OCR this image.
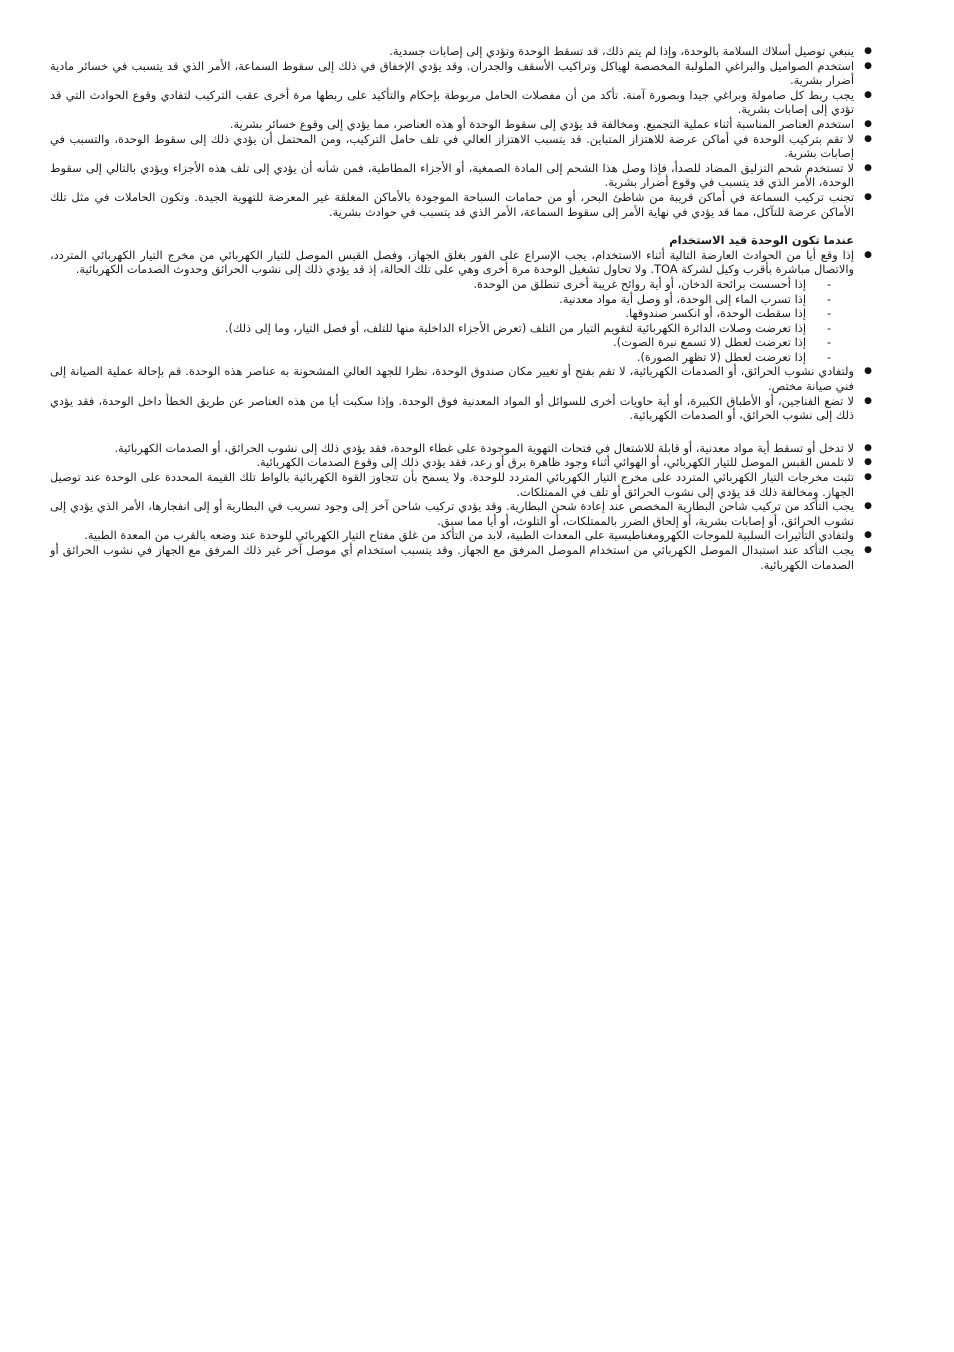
●
ينبغي توصيل أسلاك السلامة بالوحدة، وإذا لم يتم ذلك، قد تسقط الوحدة وتؤدي إلى إصابات جسدية.
●
استخدم الصواميل والبراغي الملولبة المخصصة لهياكل وتراكيب الأسقف والجدران. وقد يؤدي الإخفاق في ذلك إلى سقوط السماعة، الأمر الذي قد يتسبب في خسائر مادية أضرار بشرية.
●
يجب ربط كل صامولة وبراغي جيدا وبصورة آمنة. تأكد من أن مفصلات الحامل مربوطة بإحكام والتأكيد على ربطها مرة أخرى عقب التركيب لتفادي وقوع الحوادث التي قد تؤدي إلى إصابات بشرية.
●
استخدم العناصر المناسبة أثناء عملية التجميع. ومخالفة قد يؤدي إلى سقوط الوحدة أو هذه العناصر، مما يؤدي إلى وقوع خسائر بشرية.
●
لا تقم بتركيب الوحدة في أماكن عرضة للاهتزاز المتباين. قد يتسبب الاهتزاز العالي في تلف حامل التركيب، ومن المحتمل أن يؤدي ذلك إلى سقوط الوحدة، والتسبب في إصابات بشرية.
●
لا تستخدم شحم التزليق المضاد للصدأ، فإذا وصل هذا الشحم إلى المادة الصمغية، أو الأجزاء المطاطية، فمن شأنه أن يؤدي إلى تلف هذه الأجزاء ويؤدي بالتالي إلى سقوط الوحدة، الأمر الذي قد يتسبب في وقوع أضرار بشرية.
●
تجنب تركيب السماعة في أماكن قريبة من شاطئ البحر، أو من حمامات السباحة الموجودة بالأماكن المغلقة غير المعرضة للتهوية الجيدة. وتكون الحاملات في مثل تلك الأماكن عرضة للتآكل، مما قد يؤدي في نهاية الأمر إلى سقوط السماعة، الأمر الذي قد يتسبب في حوادث بشرية.

عندما تكون الوحدة قيد الاستخدام

●
إذا وقع أيا من الحوادث العارضة التالية أثناء الاستخدام، يجب الإسراع على الفور بغلق الجهاز، وفصل القبس الموصل للتيار الكهربائي من مخرج التيار الكهربائي المتردد، والاتصال مباشرة بأقرب وكيل لشركة TOA. ولا تحاول تشغيل الوحدة مرة أخرى وهي على تلك الحالة، إذ قد يؤدي ذلك إلى نشوب الحرائق وحدوث الصدمات الكهربائية.
-
إذا أحسست برائحة الدخان، أو أية روائح غريبة أخرى تنطلق من الوحدة.
-
إذا تسرب الماء إلى الوحدة، أو وصل أية مواد معدنية.
-
إذا سقطت الوحدة، أو انكسر صندوقها.
-
إذا تعرضت وصلات الدائرة الكهربائية لتقويم التيار من التلف (تعرض الأجزاء الداخلية منها للتلف، أو فصل التيار، وما إلى ذلك).
-
إذا تعرضت لعطل (لا تسمع نبرة الصوت).
-
إذا تعرضت لعطل (لا تظهر الصورة).
●
ولتفادي نشوب الحرائق، أو الصدمات الكهربائية، لا تقم بفتح أو تغيير مكان صندوق الوحدة، نظرا للجهد العالي المشحونة به عناصر هذه الوحدة. قم بإحالة عملية الصيانة إلى فني صيانة مختص.
●
لا تضع الفناجين، أو الأطباق الكبيرة، أو أية حاويات أخرى للسوائل أو المواد المعدنية فوق الوحدة. وإذا سكبت أيا من هذه العناصر عن طريق الخطأ داخل الوحدة، فقد يؤدي ذلك إلى نشوب الحرائق، أو الصدمات الكهربائية.
●
لا تدخل أو تسقط أية مواد معدنية، أو قابلة للاشتعال في فتحات التهوية الموجودة على غطاء الوحدة، فقد يؤدي ذلك إلى نشوب الحرائق، أو الصدمات الكهربائية.
●
لا تلمس القبس الموصل للتيار الكهربائي، أو الهوائي أثناء وجود ظاهرة برق أو رعد، فقد يؤدي ذلك إلى وقوع الصدمات الكهربائية.
●
تثبت مخرجات التيار الكهربائي المتردد على مخرج التيار الكهربائي المتردد للوحدة. ولا يسمح بأن تتجاوز القوة الكهربائية بالواط تلك القيمة المحددة على الوحدة عند توصيل الجهاز. ومخالفة ذلك قد يؤدي إلى نشوب الحرائق أو تلف في الممتلكات.
●
يجب التأكد من تركيب شاحن البطارية المخصص عند إعادة شحن البطارية. وقد يؤدي تركيب شاحن آخر إلى وجود تسريب في البطارية أو إلى انفجارها، الأمر الذي يؤدي إلى نشوب الحرائق، أو إصابات بشرية، أو إلحاق الضرر بالممتلكات، أو التلوث، أو أيا مما سبق.
●
ولتفادي التأثيرات السلبية للموجات الكهرومغناطيسية على المعدات الطبية، لابد من التأكد من غلق مفتاح التيار الكهربائي للوحدة عند وضعه بالقرب من المعدة الطبية.
●
يجب التأكد عند استبدال الموصل الكهربائي من استخدام الموصل المرفق مع الجهاز. وقد يتسبب استخدام أي موصل آخر غير ذلك المرفق مع الجهاز في نشوب الحرائق أو الصدمات الكهربائية.
